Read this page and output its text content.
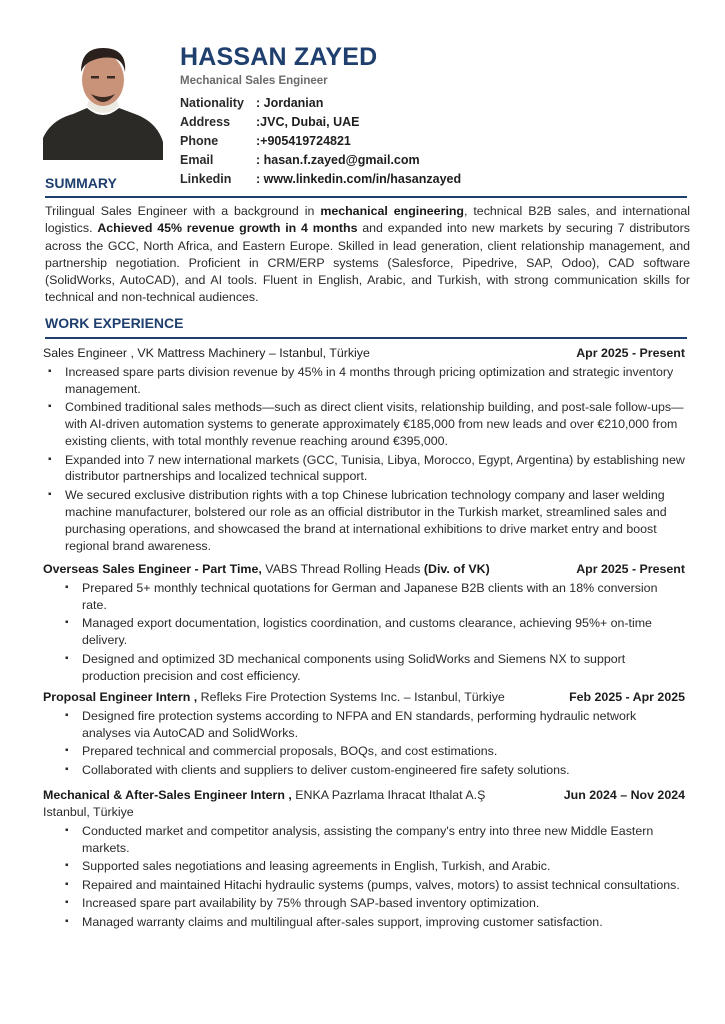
HASSAN ZAYED
Mechanical Sales Engineer
Nationality : Jordanian
Address	:JVC, Dubai, UAE
Phone	:+905419724821
Email	: hasan.f.zayed@gmail.com
Linkedin	: www.linkedin.com/in/hasanzayed
SUMMARY
Trilingual Sales Engineer with a background in mechanical engineering, technical B2B sales, and international logistics. Achieved 45% revenue growth in 4 months and expanded into new markets by securing 7 distributors across the GCC, North Africa, and Eastern Europe. Skilled in lead generation, client relationship management, and partnership negotiation. Proficient in CRM/ERP systems (Salesforce, Pipedrive, SAP, Odoo), CAD software (SolidWorks, AutoCAD), and AI tools. Fluent in English, Arabic, and Turkish, with strong communication skills for technical and non-technical audiences.
WORK EXPERIENCE
Sales Engineer , VK Mattress Machinery – Istanbul, Türkiye	Apr 2025 - Present
▪ Increased spare parts division revenue by 45% in 4 months through pricing optimization and strategic inventory management.
▪ Combined traditional sales methods—such as direct client visits, relationship building, and post-sale follow-ups—with AI-driven automation systems to generate approximately €185,000 from new leads and over €210,000 from existing clients, with total monthly revenue reaching around €395,000.
▪ Expanded into 7 new international markets (GCC, Tunisia, Libya, Morocco, Egypt, Argentina) by establishing new distributor partnerships and localized technical support.
▪ We secured exclusive distribution rights with a top Chinese lubrication technology company and laser welding machine manufacturer, bolstered our role as an official distributor in the Turkish market, streamlined sales and purchasing operations, and showcased the brand at international exhibitions to drive market entry and boost regional brand awareness.
Overseas Sales Engineer - Part Time, VABS Thread Rolling Heads (Div. of VK)	Apr 2025 - Present
▪ Prepared 5+ monthly technical quotations for German and Japanese B2B clients with an 18% conversion rate.
▪ Managed export documentation, logistics coordination, and customs clearance, achieving 95%+ on-time delivery.
▪ Designed and optimized 3D mechanical components using SolidWorks and Siemens NX to support production precision and cost efficiency.
Proposal Engineer Intern , Refleks Fire Protection Systems Inc. – Istanbul, Türkiye	Feb 2025 - Apr 2025
▪ Designed fire protection systems according to NFPA and EN standards, performing hydraulic network analyses via AutoCAD and SolidWorks.
▪ Prepared technical and commercial proposals, BOQs, and cost estimations.
▪ Collaborated with clients and suppliers to deliver custom-engineered fire safety solutions.
Mechanical & After-Sales Engineer Intern , ENKA Pazrlama Ihracat Ithalat A.Ş	Jun 2024 – Nov 2024
Istanbul, Türkiye
▪ Conducted market and competitor analysis, assisting the company's entry into three new Middle Eastern markets.
▪ Supported sales negotiations and leasing agreements in English, Turkish, and Arabic.
▪ Repaired and maintained Hitachi hydraulic systems (pumps, valves, motors) to assist technical consultations.
▪ Increased spare part availability by 75% through SAP-based inventory optimization.
▪ Managed warranty claims and multilingual after-sales support, improving customer satisfaction.
